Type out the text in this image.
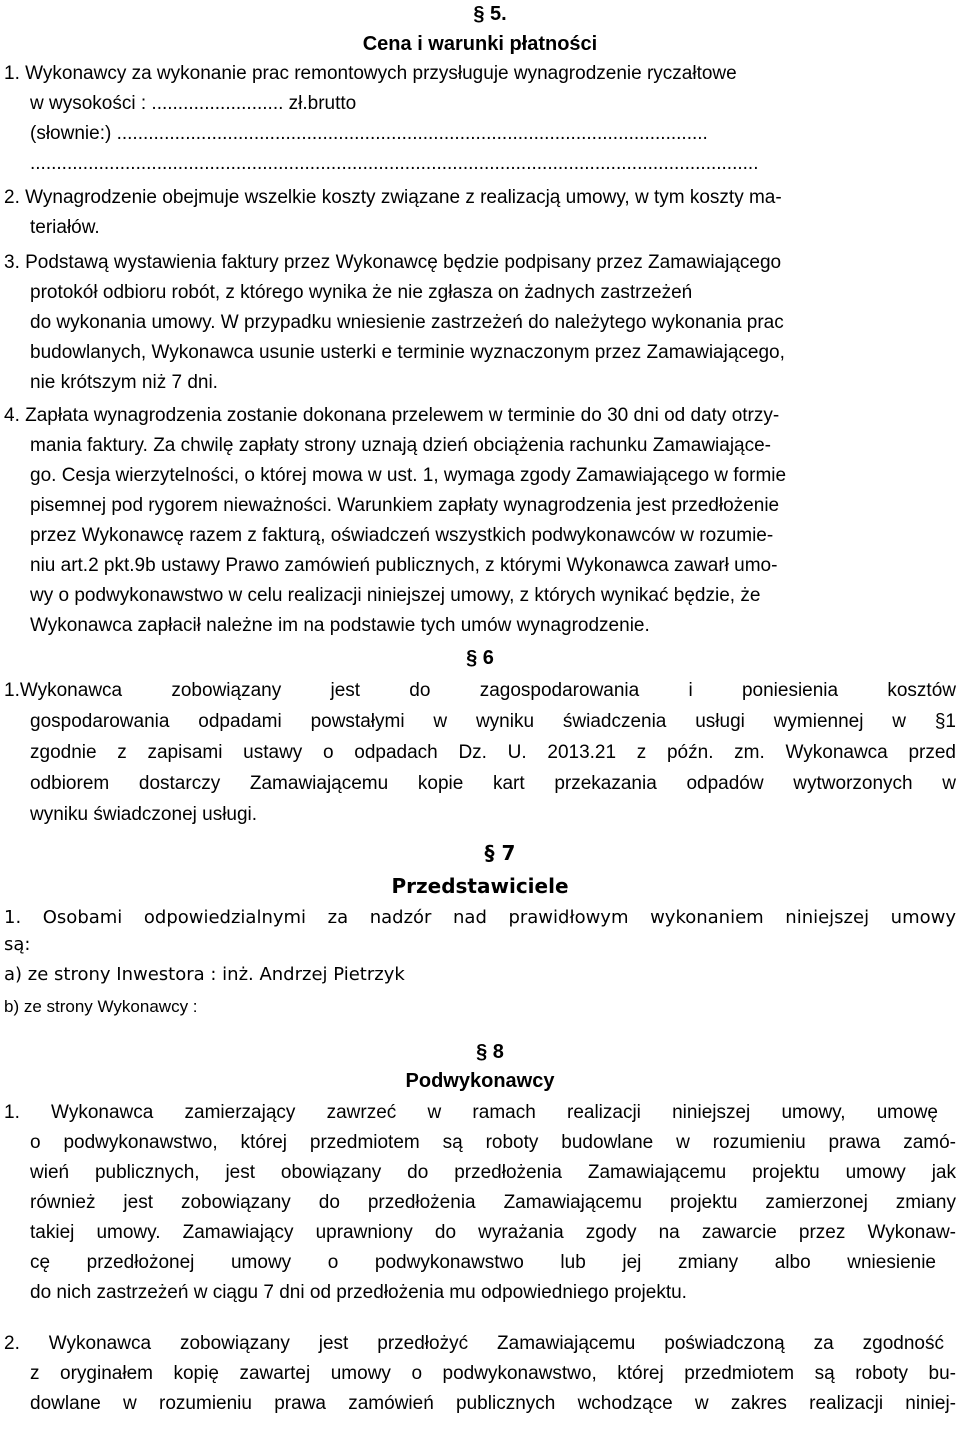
§ 5.
Cena i warunki płatności
1. Wykonawcy za wykonanie prac remontowych przysługuje wynagrodzenie ryczałtowe
w wysokości : ......................... zł.brutto
(słownie:) ................................................................................................................
..........................................................................................................................................
2. Wynagrodzenie obejmuje wszelkie koszty związane z realizacją umowy, w tym koszty ma-
teriałów.
3. Podstawą wystawienia faktury przez Wykonawcę będzie podpisany przez Zamawiającego
protokół odbioru robót, z którego wynika że nie zgłasza on żadnych zastrzeżeń
do wykonania umowy. W przypadku wniesienie zastrzeżeń do należytego wykonania prac
budowlanych, Wykonawca usunie usterki e terminie wyznaczonym przez Zamawiającego,
nie krótszym niż 7 dni.
4. Zapłata wynagrodzenia zostanie dokonana przelewem w terminie do 30 dni od daty otrzy-
mania faktury. Za chwilę zapłaty strony uznają dzień obciążenia rachunku Zamawiające-
go. Cesja wierzytelności, o której mowa w ust. 1, wymaga zgody Zamawiającego w formie
pisemnej pod rygorem nieważności. Warunkiem zapłaty wynagrodzenia jest przedłożenie
przez Wykonawcę razem z fakturą, oświadczeń wszystkich podwykonawców w rozumie-
niu art.2 pkt.9b ustawy Prawo zamówień publicznych, z którymi Wykonawca zawarł umo-
wy o podwykonawstwo w celu realizacji niniejszej umowy, z których wynikać będzie, że
Wykonawca zapłacił należne im na podstawie tych umów wynagrodzenie.
§ 6
1.Wykonawca zobowiązany jest do zagospodarowania i poniesienia kosztów
gospodarowania odpadami powstałymi w wyniku świadczenia usługi wymiennej w §1
zgodnie z zapisami ustawy o odpadach Dz. U. 2013.21 z późn. zm. Wykonawca przed
odbiorem dostarczy Zamawiającemu kopie kart przekazania odpadów wytworzonych w
wyniku świadczonej usługi.
§ 7
Przedstawiciele
1. Osobami odpowiedzialnymi za nadzór nad prawidłowym wykonaniem niniejszej umowy
są:
a) ze strony Inwestora : inż. Andrzej Pietrzyk
b) ze strony Wykonawcy :
§ 8
Podwykonawcy
1. Wykonawca zamierzający zawrzeć w ramach realizacji niniejszej umowy, umowę
o podwykonawstwo, której przedmiotem są roboty budowlane w rozumieniu prawa zamó-
wień publicznych, jest obowiązany do przedłożenia Zamawiającemu projektu umowy jak
również jest zobowiązany do przedłożenia Zamawiającemu projektu zamierzonej zmiany
takiej umowy. Zamawiający uprawniony do wyrażania zgody na zawarcie przez Wykonaw-
cę przedłożonej umowy o podwykonawstwo lub jej zmiany albo wniesienie
do nich zastrzeżeń w ciągu 7 dni od przedłożenia mu odpowiedniego projektu.
2. Wykonawca zobowiązany jest przedłożyć Zamawiającemu poświadczoną za zgodność
z oryginałem kopię zawartej umowy o podwykonawstwo, której przedmiotem są roboty bu-
dowlane w rozumieniu prawa zamówień publicznych wchodzące w zakres realizacji niniej-
